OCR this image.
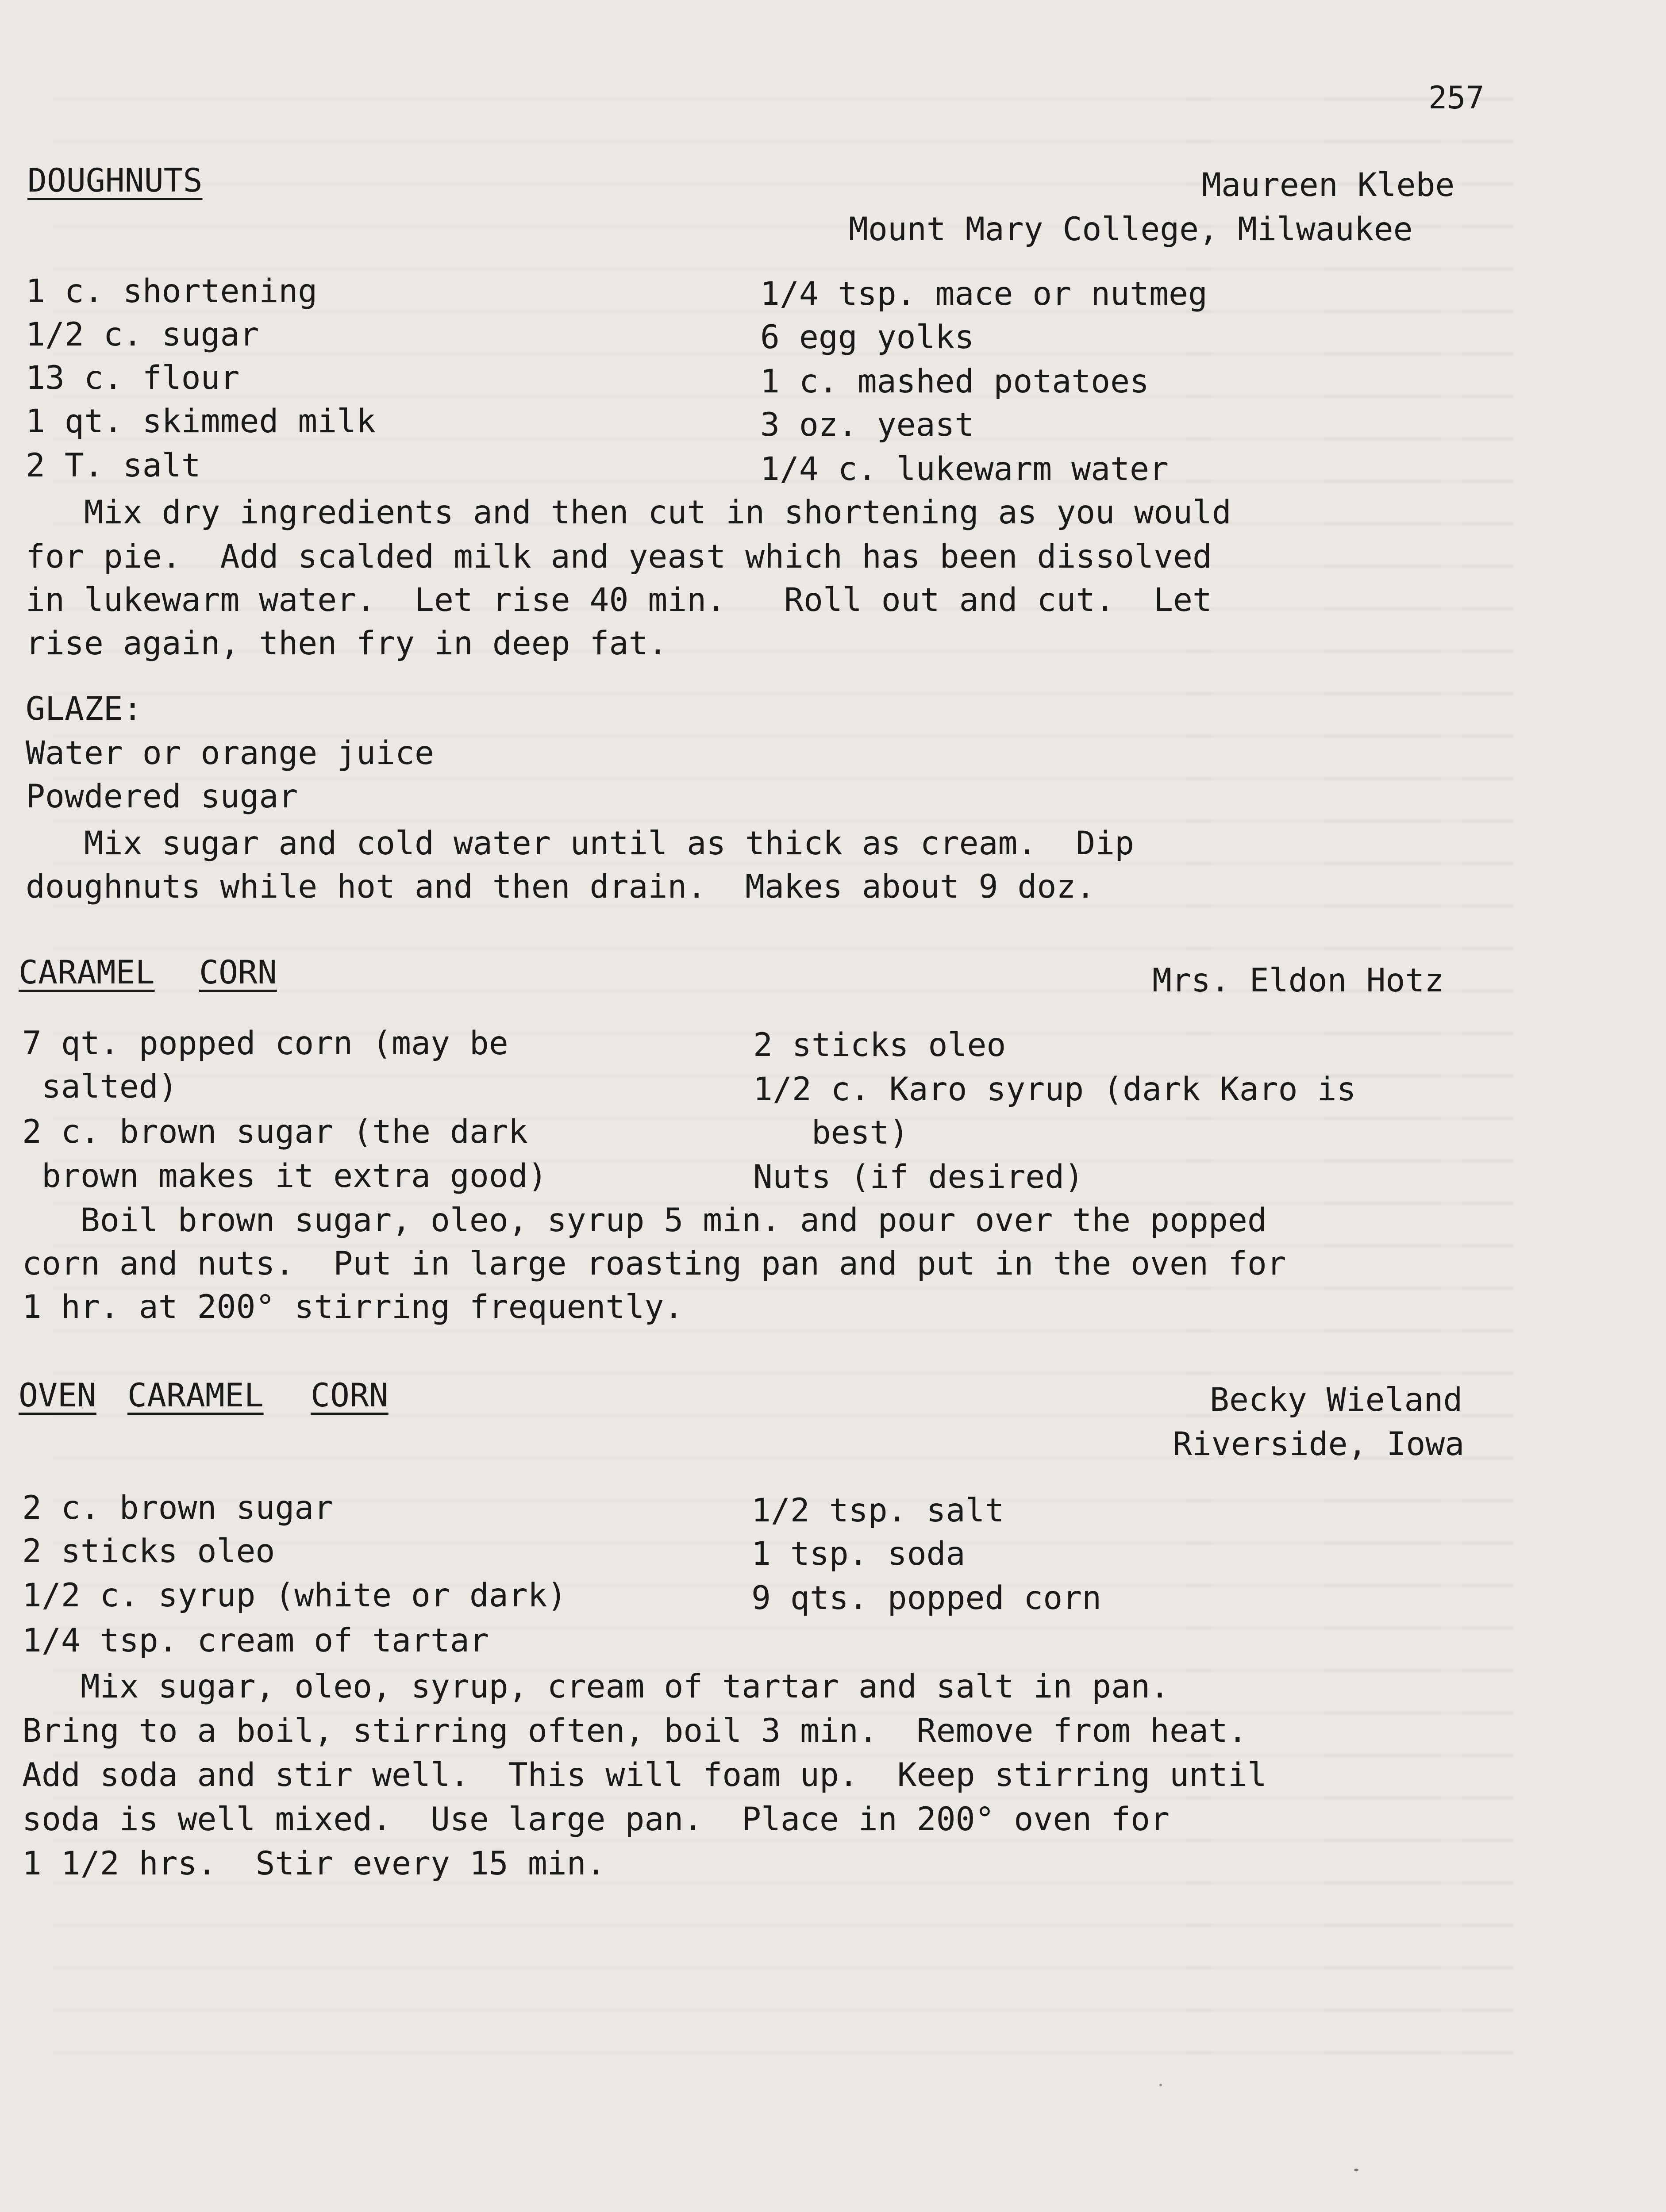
257
DOUGHNUTS	Maureen Klebe
Mount Mary College, Milwaukee
1 c. shortening
1/2 c. sugar
13 c. flour
1 qt. skimmed milk
2 T. salt
1/4 tsp. mace or nutmeg
6 egg yolks
1 c. mashed potatoes
3 oz. yeast
1/4 c. lukewarm water
Mix dry ingredients and then cut in shortening as you would
for pie.  Add scalded milk and yeast which has been dissolved
in lukewarm water.  Let rise 40 min.   Roll out and cut.  Let
rise again, then fry in deep fat.
GLAZE:
Water or orange juice
Powdered sugar
Mix sugar and cold water until as thick as cream.  Dip
doughnuts while hot and then drain.  Makes about 9 doz.
CARAMEL CORN	Mrs. Eldon Hotz
7 qt. popped corn (may be
salted)
2 c. brown sugar (the dark
brown makes it extra good)
2 sticks oleo
1/2 c. Karo syrup (dark Karo is
best)
Nuts (if desired)
Boil brown sugar, oleo, syrup 5 min. and pour over the popped
corn and nuts.  Put in large roasting pan and put in the oven for
1 hr. at 200° stirring frequently.
OVEN CARAMEL CORN	Becky Wieland
Riverside, Iowa
2 c. brown sugar
2 sticks oleo
1/2 c. syrup (white or dark)
1/4 tsp. cream of tartar
1/2 tsp. salt
1 tsp. soda
9 qts. popped corn
Mix sugar, oleo, syrup, cream of tartar and salt in pan.
Bring to a boil, stirring often, boil 3 min.  Remove from heat.
Add soda and stir well.  This will foam up.  Keep stirring until
soda is well mixed.  Use large pan.  Place in 200° oven for
1 1/2 hrs.  Stir every 15 min.
